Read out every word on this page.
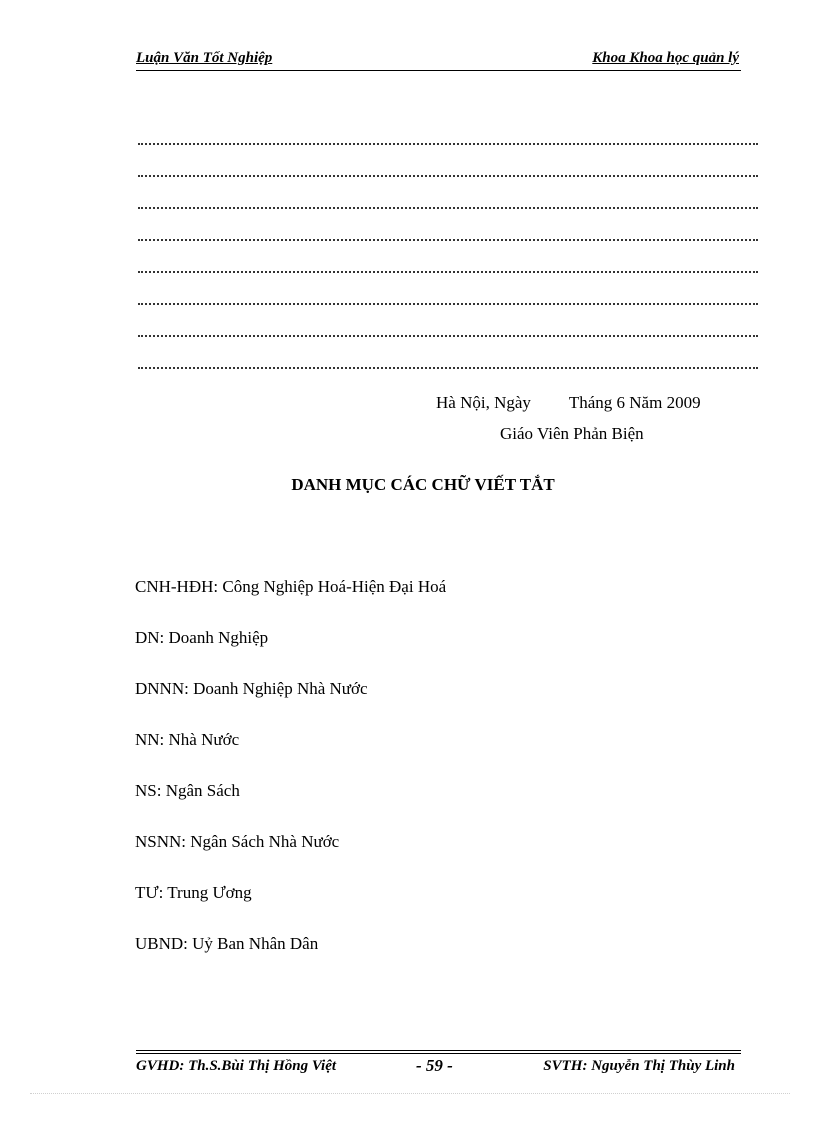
Luận Văn Tốt Nghiệp	Khoa Khoa học quản lý
Hà Nội, Ngày         Tháng 6 Năm 2009
Giáo Viên Phản Biện
DANH MỤC CÁC CHỮ VIẾT TẮT
CNH-HĐH: Công Nghiệp Hoá-Hiện Đại Hoá
DN: Doanh Nghiệp
DNNN: Doanh Nghiệp Nhà Nước
NN: Nhà Nước
NS: Ngân Sách
NSNN: Ngân Sách Nhà Nước
TƯ: Trung Ương
UBND: Uỷ Ban Nhân Dân
GVHD: Th.S.Bùi Thị Hồng Việt	- 59 -	SVTH: Nguyễn Thị Thùy Linh
